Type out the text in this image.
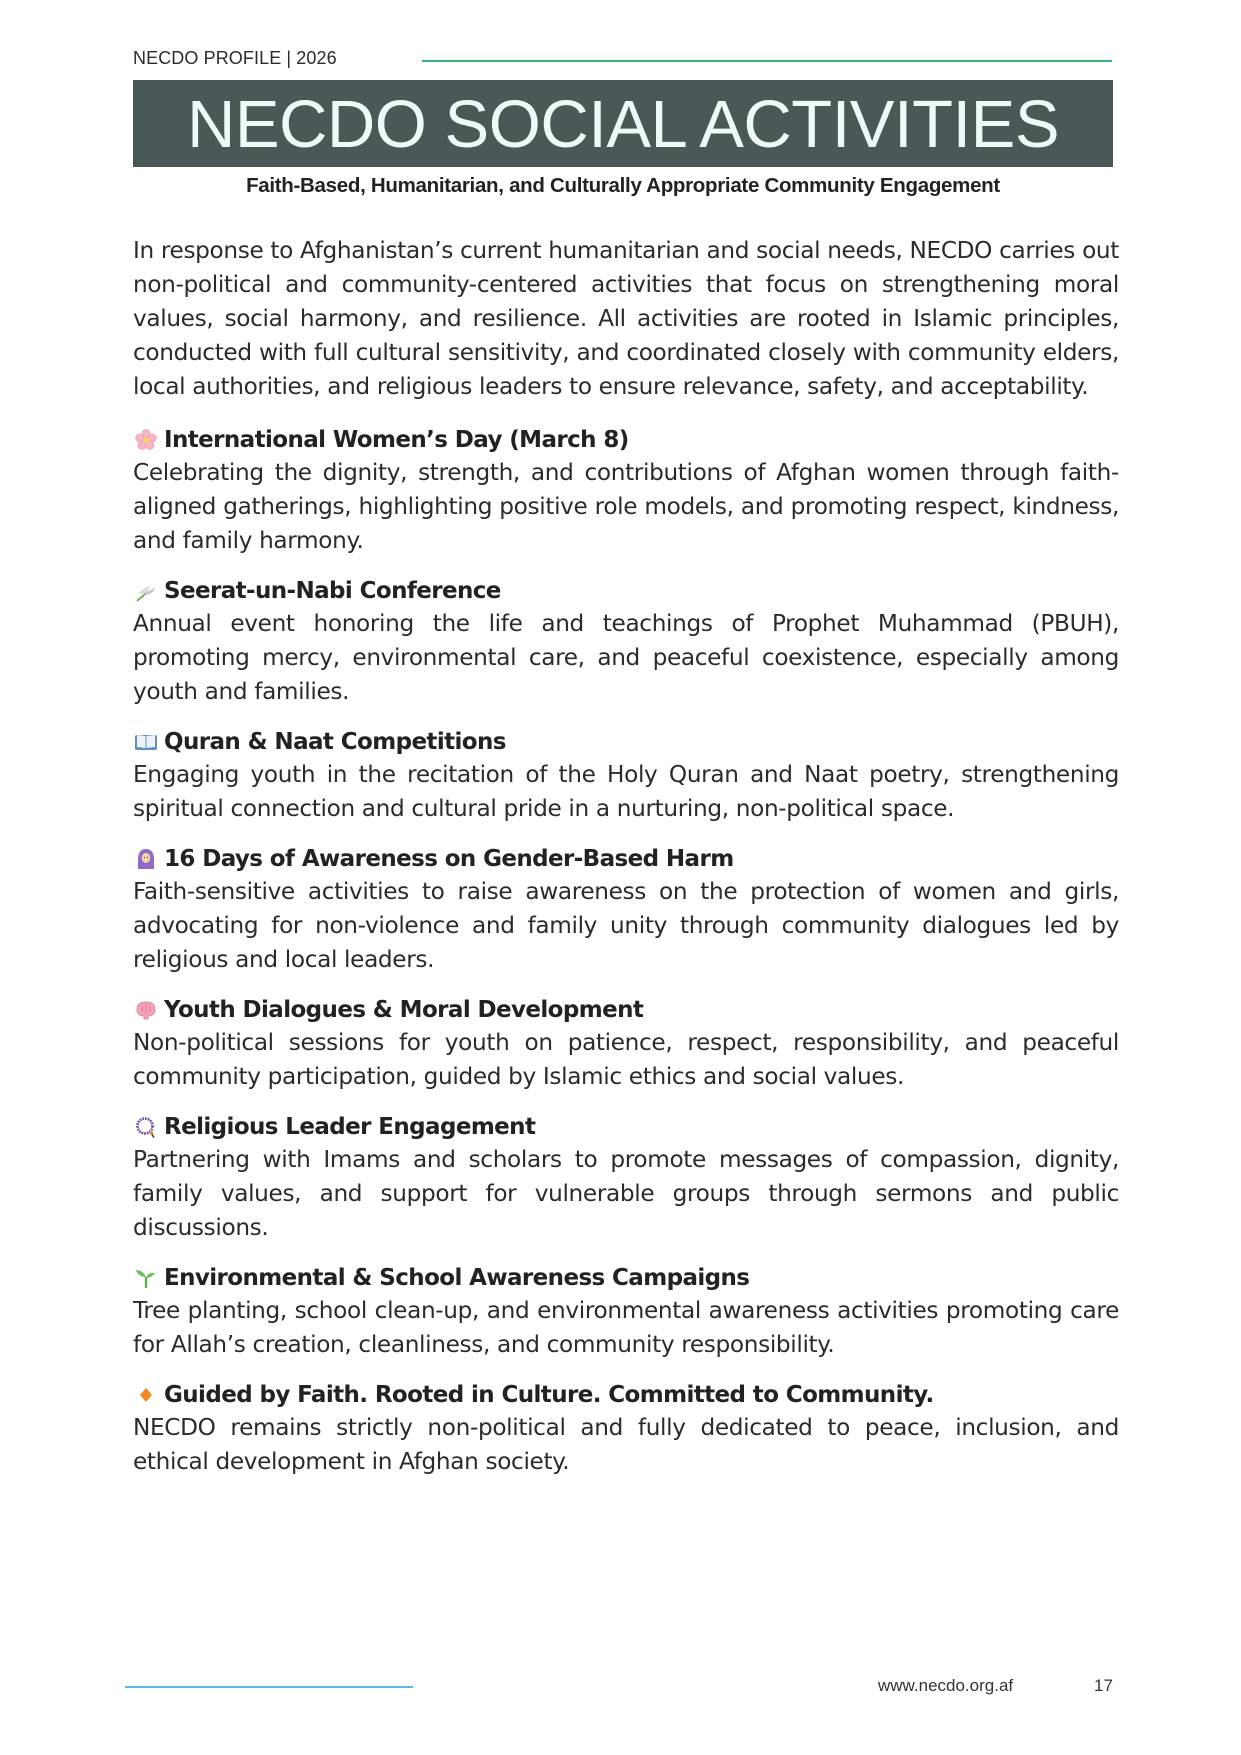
NECDO PROFILE | 2026
NECDO SOCIAL ACTIVITIES
Faith-Based, Humanitarian, and Culturally Appropriate Community Engagement

In response to Afghanistan’s current humanitarian and social needs, NECDO carries out non-political and community-centered activities that focus on strengthening moral values, social harmony, and resilience. All activities are rooted in Islamic principles, conducted with full cultural sensitivity, and coordinated closely with community elders, local authorities, and religious leaders to ensure relevance, safety, and acceptability.

International Women’s Day (March 8)

Celebrating the dignity, strength, and contributions of Afghan women through faith-aligned gatherings, highlighting positive role models, and promoting respect, kindness, and family harmony.

Seerat-un-Nabi Conference

Annual event honoring the life and teachings of Prophet Muhammad (PBUH), promoting mercy, environmental care, and peaceful coexistence, especially among youth and families.

Quran & Naat Competitions

Engaging youth in the recitation of the Holy Quran and Naat poetry, strengthening spiritual connection and cultural pride in a nurturing, non-political space.

16 Days of Awareness on Gender-Based Harm

Faith-sensitive activities to raise awareness on the protection of women and girls, advocating for non-violence and family unity through community dialogues led by religious and local leaders.

Youth Dialogues & Moral Development

Non-political sessions for youth on patience, respect, responsibility, and peaceful community participation, guided by Islamic ethics and social values.

Religious Leader Engagement

Partnering with Imams and scholars to promote messages of compassion, dignity, family values, and support for vulnerable groups through sermons and public discussions.

Environmental & School Awareness Campaigns

Tree planting, school clean-up, and environmental awareness activities promoting care for Allah’s creation, cleanliness, and community responsibility.

Guided by Faith. Rooted in Culture. Committed to Community.

NECDO remains strictly non-political and fully dedicated to peace, inclusion, and ethical development in Afghan society.

www.necdo.org.af	17
